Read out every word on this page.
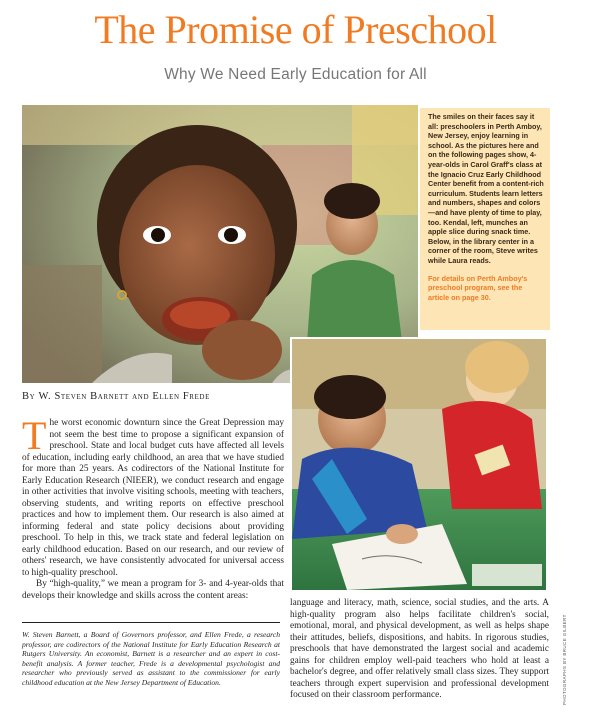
The Promise of Preschool
Why We Need Early Education for All
The smiles on their faces say it all: preschoolers in Perth Amboy, New Jersey, enjoy learning in school. As the pictures here and on the following pages show, 4-year-olds in Carol Graff's class at the Ignacio Cruz Early Childhood Center benefit from a content-rich curriculum. Students learn letters and numbers, shapes and colors—and have plenty of time to play, too. Kendal, left, munches an apple slice during snack time. Below, in the library center in a corner of the room, Steve writes while Laura reads.
For details on Perth Amboy's preschool program, see the article on page 30.
By W. Steven Barnett and Ellen Frede
T he worst economic downturn since the Great Depression may not seem the best time to propose a significant expansion of preschool. State and local budget cuts have affected all levels of education, including early childhood, an area that we have studied for more than 25 years. As codirectors of the National Institute for Early Education Research (NIEER), we conduct research and engage in other activities that involve visiting schools, meeting with teachers, observing students, and writing reports on effective preschool practices and how to implement them. Our research is also aimed at informing federal and state policy decisions about providing preschool. To help in this, we track state and federal legislation on early childhood education. Based on our research, and our review of others' research, we have consistently advocated for universal access to high-quality preschool.
By “high-quality,” we mean a program for 3- and 4-year-olds that develops their knowledge and skills across the content areas:
language and literacy, math, science, social studies, and the arts. A high-quality program also helps facilitate children's social, emotional, moral, and physical development, as well as helps shape their attitudes, beliefs, dispositions, and habits. In rigorous studies, preschools that have demonstrated the largest social and academic gains for children employ well-paid teachers who hold at least a bachelor's degree, and offer relatively small class sizes. They support teachers through expert supervision and professional development focused on their classroom performance.
W. Steven Barnett, a Board of Governors professor, and Ellen Frede, a research professor, are codirectors of the National Institute for Early Education Research at Rutgers University. An economist, Barnett is a researcher and an expert in cost-benefit analysis. A former teacher, Frede is a developmental psychologist and researcher who previously served as assistant to the commissioner for early childhood education at the New Jersey Department of Education.	PHOTOGRAPHS BY BRUCE GILBERT
